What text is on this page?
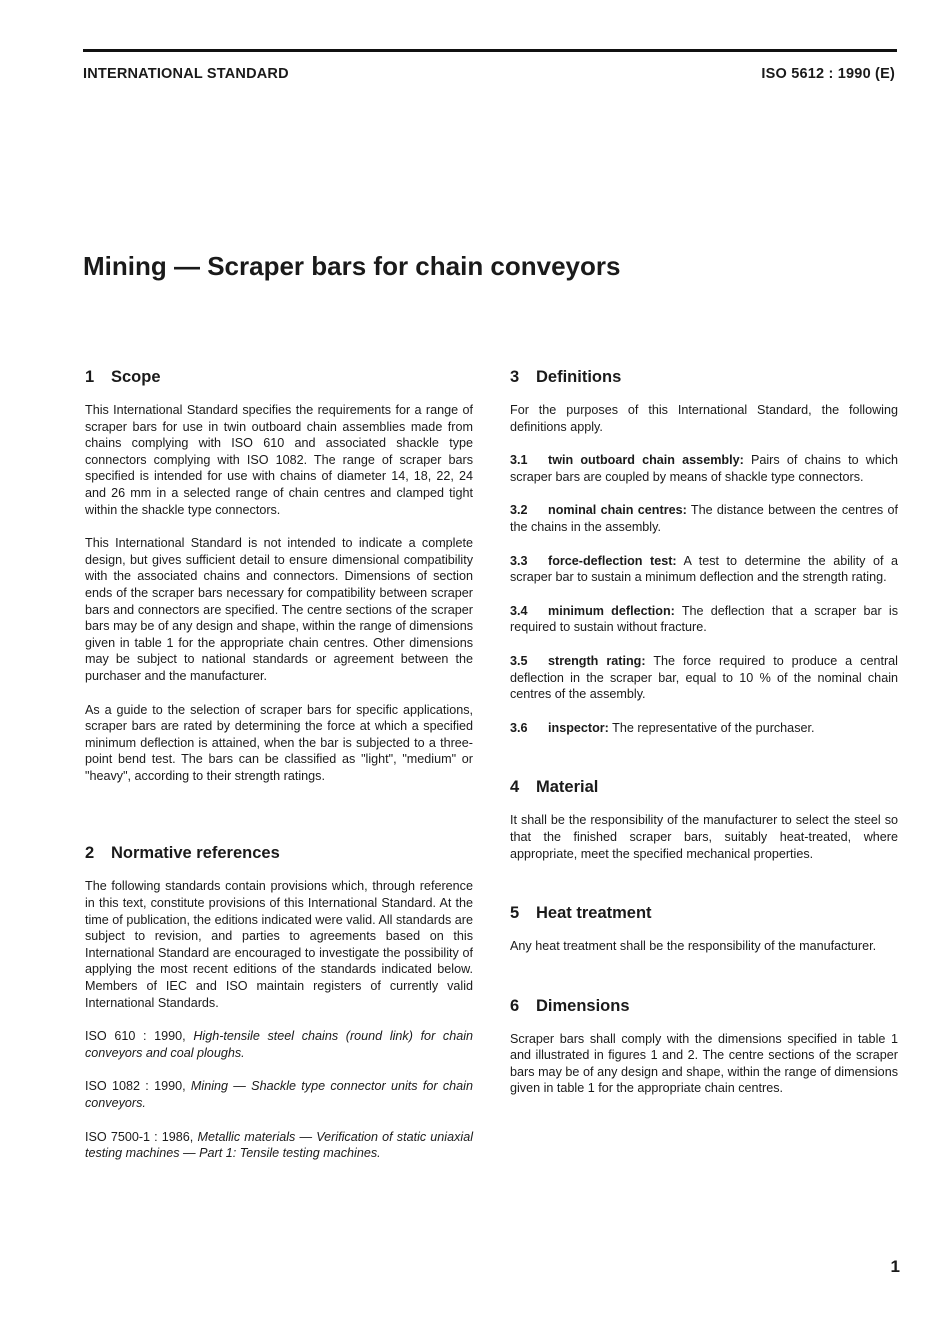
INTERNATIONAL STANDARD	ISO 5612 : 1990 (E)
Mining — Scraper bars for chain conveyors
1 Scope

This International Standard specifies the requirements for a range of scraper bars for use in twin outboard chain assemblies made from chains complying with ISO 610 and associated shackle type connectors complying with ISO 1082. The range of scraper bars specified is intended for use with chains of diameter 14, 18, 22, 24 and 26 mm in a selected range of chain centres and clamped tight within the shackle type connectors.

This International Standard is not intended to indicate a complete design, but gives sufficient detail to ensure dimensional compatibility with the associated chains and connectors. Dimensions of section ends of the scraper bars necessary for compatibility between scraper bars and connectors are specified. The centre sections of the scraper bars may be of any design and shape, within the range of dimensions given in table 1 for the appropriate chain centres. Other dimensions may be subject to national standards or agreement between the purchaser and the manufacturer.

As a guide to the selection of scraper bars for specific applications, scraper bars are rated by determining the force at which a specified minimum deflection is attained, when the bar is subjected to a three-point bend test. The bars can be classified as "light", "medium" or "heavy", according to their strength ratings.

2 Normative references

The following standards contain provisions which, through reference in this text, constitute provisions of this International Standard. At the time of publication, the editions indicated were valid. All standards are subject to revision, and parties to agreements based on this International Standard are encouraged to investigate the possibility of applying the most recent editions of the standards indicated below. Members of IEC and ISO maintain registers of currently valid International Standards.

ISO 610 : 1990, High-tensile steel chains (round link) for chain conveyors and coal ploughs.

ISO 1082 : 1990, Mining — Shackle type connector units for chain conveyors.

ISO 7500-1 : 1986, Metallic materials — Verification of static uniaxial testing machines — Part 1: Tensile testing machines.

3 Definitions

For the purposes of this International Standard, the following definitions apply.

3.1 twin outboard chain assembly: Pairs of chains to which scraper bars are coupled by means of shackle type connectors.

3.2 nominal chain centres: The distance between the centres of the chains in the assembly.

3.3 force-deflection test: A test to determine the ability of a scraper bar to sustain a minimum deflection and the strength rating.

3.4 minimum deflection: The deflection that a scraper bar is required to sustain without fracture.

3.5 strength rating: The force required to produce a central deflection in the scraper bar, equal to 10 % of the nominal chain centres of the assembly.

3.6 inspector: The representative of the purchaser.

4 Material

It shall be the responsibility of the manufacturer to select the steel so that the finished scraper bars, suitably heat-treated, where appropriate, meet the specified mechanical properties.

5 Heat treatment

Any heat treatment shall be the responsibility of the manufacturer.

6 Dimensions

Scraper bars shall comply with the dimensions specified in table 1 and illustrated in figures 1 and 2. The centre sections of the scraper bars may be of any design and shape, within the range of dimensions given in table 1 for the appropriate chain centres.

1
